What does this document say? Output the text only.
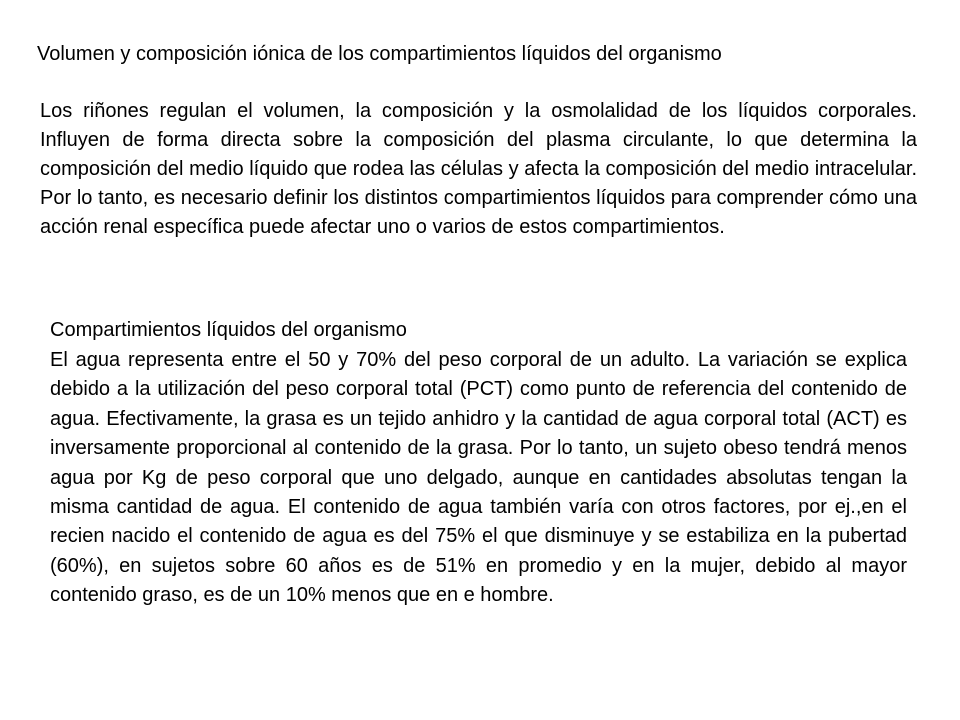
Volumen y composición iónica de los compartimientos líquidos del organismo

Los riñones regulan el volumen, la composición y la osmolalidad de los líquidos corporales. Influyen de forma directa sobre la composición del plasma circulante, lo que determina la composición del medio líquido que rodea las células y afecta la composición del medio intracelular. Por lo tanto, es necesario definir los distintos compartimientos líquidos para comprender cómo una acción renal específica puede afectar uno o varios de estos compartimientos.

Compartimientos líquidos del organismo

El agua representa entre el 50 y 70% del peso corporal de un adulto. La variación se explica debido a la utilización del peso corporal total (PCT) como punto de referencia del contenido de agua. Efectivamente, la grasa es un tejido anhidro y la cantidad de agua corporal total (ACT) es inversamente proporcional al contenido de la grasa. Por lo tanto, un sujeto obeso tendrá menos agua por Kg de peso corporal que uno delgado, aunque en cantidades absolutas tengan la misma cantidad de agua. El contenido de agua también varía con otros factores, por ej.,en el recien nacido el contenido de agua es del 75% el que disminuye y se estabiliza en la pubertad (60%), en sujetos sobre 60 años es de 51% en promedio y en la mujer, debido al mayor contenido graso, es de un 10% menos que en e hombre.
